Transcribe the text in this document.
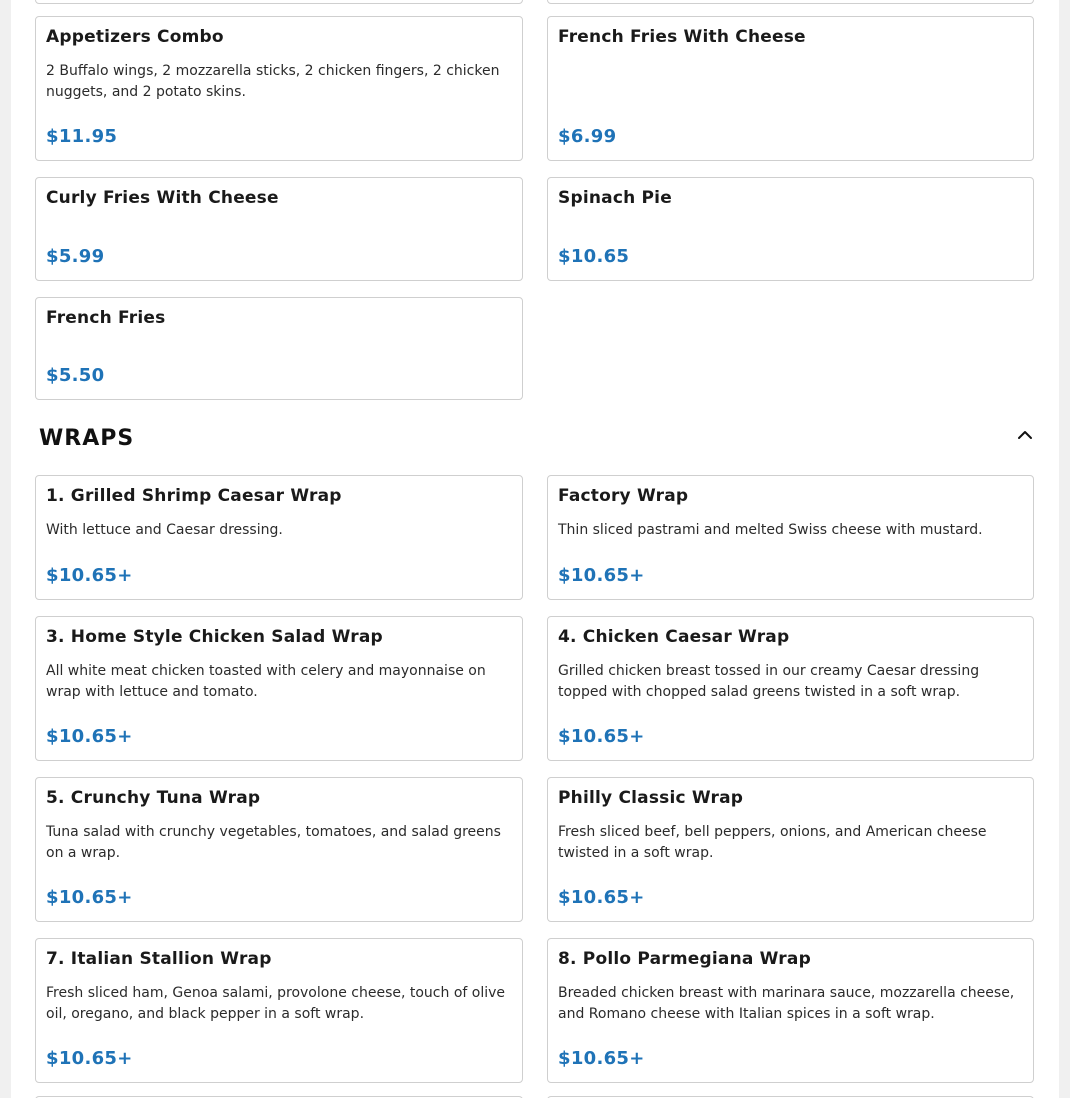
Appetizers Combo
2 Buffalo wings, 2 mozzarella sticks, 2 chicken fingers, 2 chicken nuggets, and 2 potato skins.
$11.95
French Fries With Cheese
$6.99
Curly Fries With Cheese
$5.99
Spinach Pie
$10.65
French Fries
$5.50
WRAPS
1. Grilled Shrimp Caesar Wrap
With lettuce and Caesar dressing.
$10.65+
Factory Wrap
Thin sliced pastrami and melted Swiss cheese with mustard.
$10.65+
3. Home Style Chicken Salad Wrap
All white meat chicken toasted with celery and mayonnaise on wrap with lettuce and tomato.
$10.65+
4. Chicken Caesar Wrap
Grilled chicken breast tossed in our creamy Caesar dressing topped with chopped salad greens twisted in a soft wrap.
$10.65+
5. Crunchy Tuna Wrap
Tuna salad with crunchy vegetables, tomatoes, and salad greens on a wrap.
$10.65+
Philly Classic Wrap
Fresh sliced beef, bell peppers, onions, and American cheese twisted in a soft wrap.
$10.65+
7. Italian Stallion Wrap
Fresh sliced ham, Genoa salami, provolone cheese, touch of olive oil, oregano, and black pepper in a soft wrap.
$10.65+
8. Pollo Parmegiana Wrap
Breaded chicken breast with marinara sauce, mozzarella cheese, and Romano cheese with Italian spices in a soft wrap.
$10.65+
